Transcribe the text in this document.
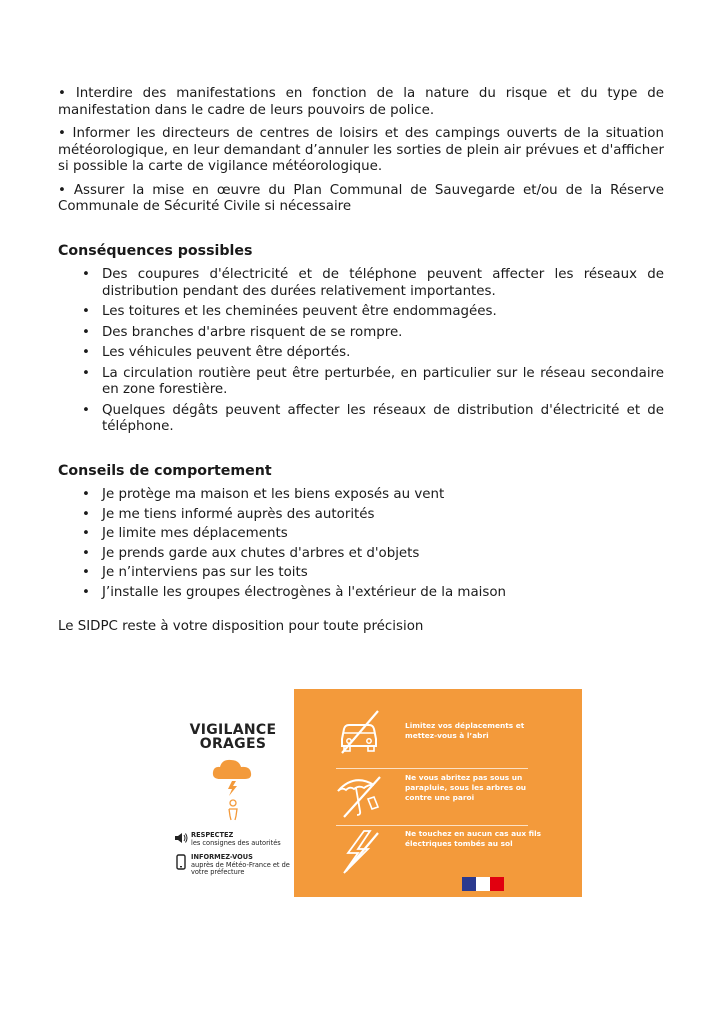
• Interdire des manifestations en fonction de la nature du risque et du type de manifestation dans le cadre de leurs pouvoirs de police.

• Informer les directeurs de centres de loisirs et des campings ouverts de la situation météorologique, en leur demandant d’annuler les sorties de plein air prévues et d'afficher si possible la carte de vigilance météorologique.

• Assurer la mise en œuvre du Plan Communal de Sauvegarde et/ou de la Réserve Communale de Sécurité Civile si nécessaire

Conséquences possibles
• Des coupures d'électricité et de téléphone peuvent affecter les réseaux de distribution pendant des durées relativement importantes.
• Les toitures et les cheminées peuvent être endommagées.
• Des branches d'arbre risquent de se rompre.
• Les véhicules peuvent être déportés.
• La circulation routière peut être perturbée, en particulier sur le réseau secondaire en zone forestière.
• Quelques dégâts peuvent affecter les réseaux de distribution d'électricité et de téléphone.
Conseils de comportement
• Je protège ma maison et les biens exposés au vent
• Je me tiens informé auprès des autorités
• Je limite mes déplacements
• Je prends garde aux chutes d'arbres et d'objets
• Je n’interviens pas sur les toits
• J’installe les groupes électrogènes à l'extérieur de la maison

Le SIDPC reste à votre disposition pour toute précision

VIGILANCE
ORAGES
RESPECTEZ
les consignes des autorités
INFORMEZ-VOUS
auprès de Météo-France et de votre préfecture
Limitez vos déplacements et mettez-vous à l’abri
Ne vous abritez pas sous un parapluie, sous les arbres ou contre une paroi
Ne touchez en aucun cas aux fils électriques tombés au sol
